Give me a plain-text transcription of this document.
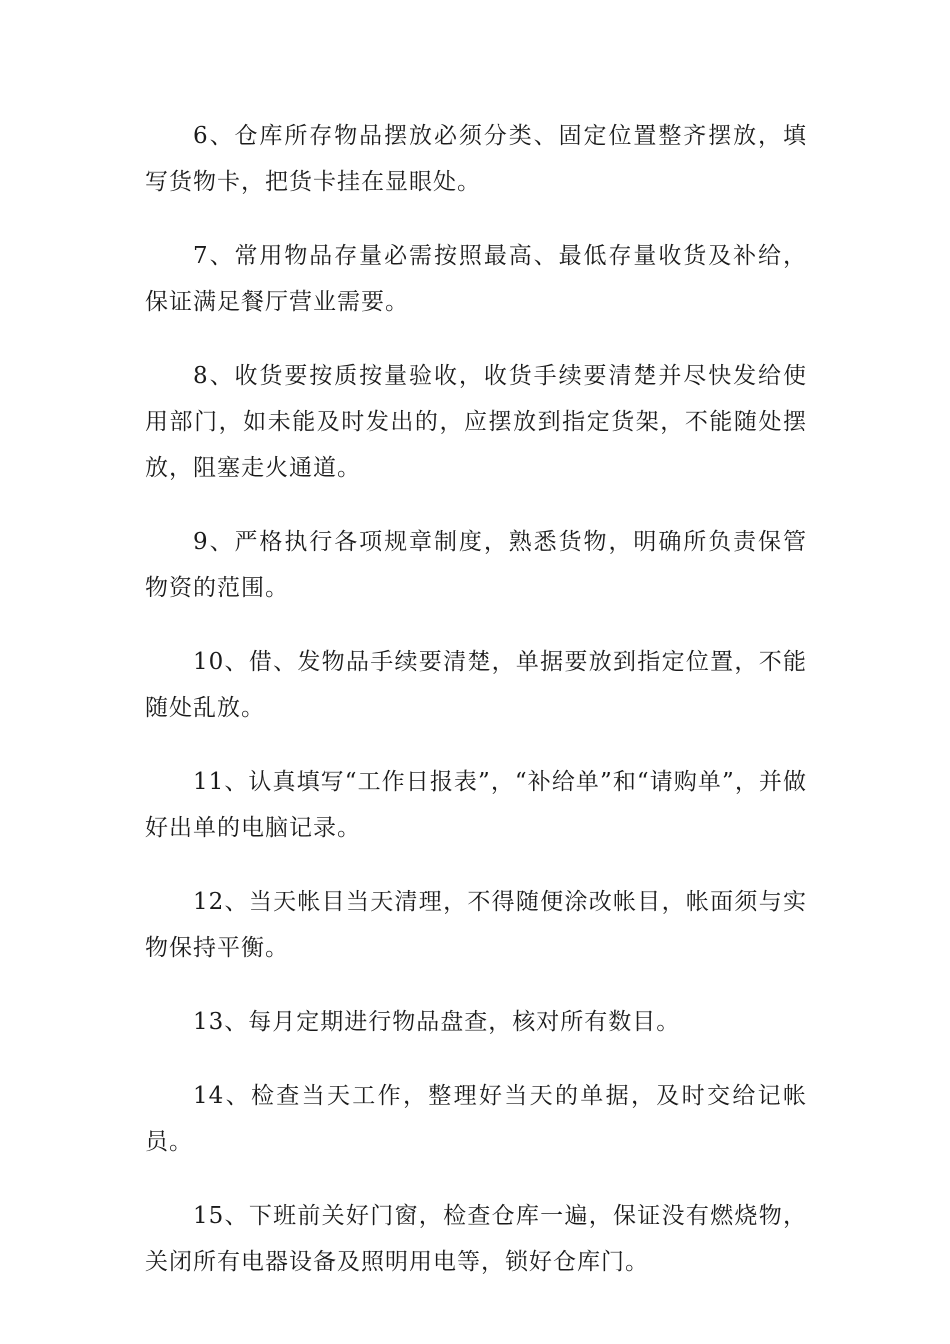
6、仓库所存物品摆放必须分类、固定位置整齐摆放，填写货物卡，把货卡挂在显眼处。

7、常用物品存量必需按照最高、最低存量收货及补给，保证满足餐厅营业需要。

8、收货要按质按量验收，收货手续要清楚并尽快发给使用部门，如未能及时发出的，应摆放到指定货架，不能随处摆放，阻塞走火通道。

9、严格执行各项规章制度，熟悉货物，明确所负责保管物资的范围。

10、借、发物品手续要清楚，单据要放到指定位置，不能随处乱放。

11、认真填写“工作日报表”，“补给单”和“请购单”，并做好出单的电脑记录。

12、当天帐目当天清理，不得随便涂改帐目，帐面须与实物保持平衡。

13、每月定期进行物品盘查，核对所有数目。

14、检查当天工作，整理好当天的单据，及时交给记帐员。

15、下班前关好门窗，检查仓库一遍，保证没有燃烧物，关闭所有电器设备及照明用电等，锁好仓库门。
